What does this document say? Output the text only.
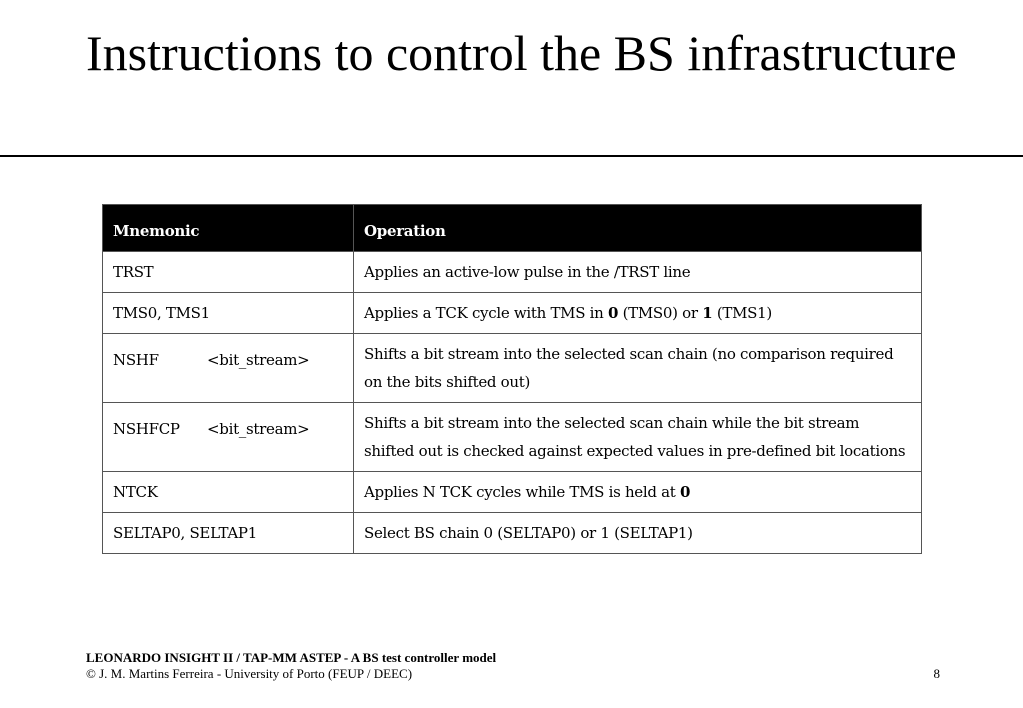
Instructions to control the BS infrastructure
Mnemonic	Operation
TRST	Applies an active-low pulse in the /TRST line
TMS0, TMS1	Applies a TCK cycle with TMS in 0 (TMS0) or 1 (TMS1)
NSHF <bit_stream>	Shifts a bit stream into the selected scan chain (no comparison required on the bits shifted out)
NSHFCP <bit_stream>	Shifts a bit stream into the selected scan chain while the bit stream shifted out is checked against expected values in pre-defined bit locations
NTCK	Applies N TCK cycles while TMS is held at 0
SELTAP0, SELTAP1	Select BS chain 0 (SELTAP0) or 1 (SELTAP1)
LEONARDO INSIGHT II / TAP-MM ASTEP - A BS test controller model
© J. M. Martins Ferreira - University of Porto (FEUP / DEEC)	8
